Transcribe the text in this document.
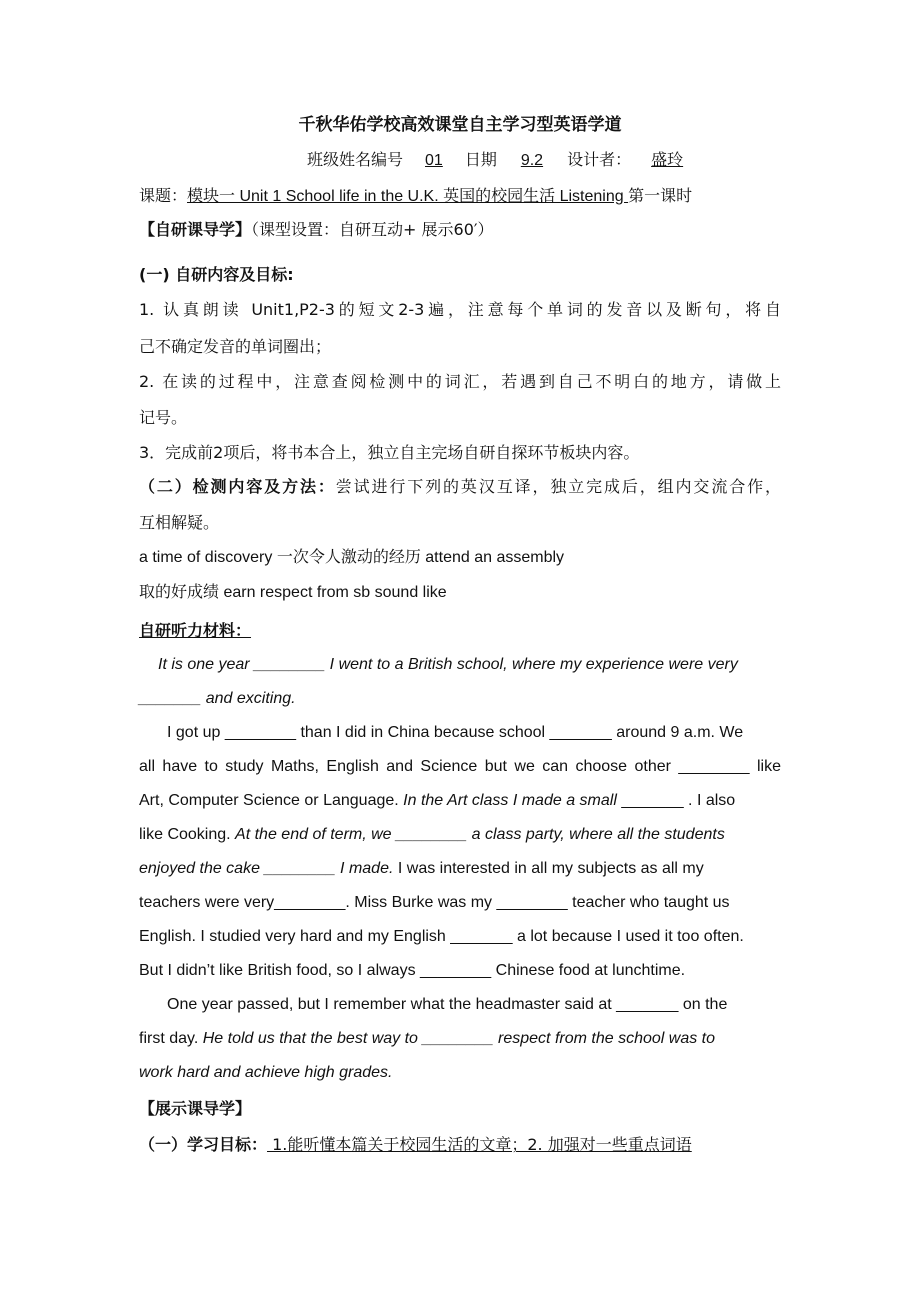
千秋华佑学校高效课堂自主学习型英语学道
班级姓名编号 01 日期 9.2 设计者： 盛玲
课题：模块一 Unit 1 School life in the U.K. 英国的校园生活 Listening 第一课时
【自研课导学】（课型设置：自研互动+ 展示60′）
(一) 自研内容及目标:
1. 认真朗读 Unit1,P2-3的短文2-3遍，注意每个单词的发音以及断句，将自
己不确定发音的单词圈出；
2. 在读的过程中，注意查阅检测中的词汇，若遇到自己不明白的地方，请做上
记号。
3．完成前2项后，将书本合上，独立自主完场自研自探环节板块内容。
（二）检测内容及方法：尝试进行下列的英汉互译，独立完成后，组内交流合作，
互相解疑。
a time of discovery 一次令人激动的经历 attend an assembly
取的好成绩 earn respect from sb sound like
自研听力材料：
It is one year ________ I went to a British school, where my experience were very
_______ and exciting.
I got up ________ than I did in China because school _______ around 9 a.m. We
all have to study Maths, English and Science but we can choose other ________ like
Art, Computer Science or Language. In the Art class I made a small _______ . I also
like Cooking. At the end of term, we ________ a class party, where all the students
enjoyed the cake ________ I made. I was interested in all my subjects as all my
teachers were very________. Miss Burke was my ________ teacher who taught us
English. I studied very hard and my English _______ a lot because I used it too often.
But I didn’t like British food, so I always ________ Chinese food at lunchtime.
One year passed, but I remember what the headmaster said at _______ on the
first day. He told us that the best way to ________ respect from the school was to
work hard and achieve high grades.
【展示课导学】
（一）学习目标： 1.能听懂本篇关于校园生活的文章；2. 加强对一些重点词语
